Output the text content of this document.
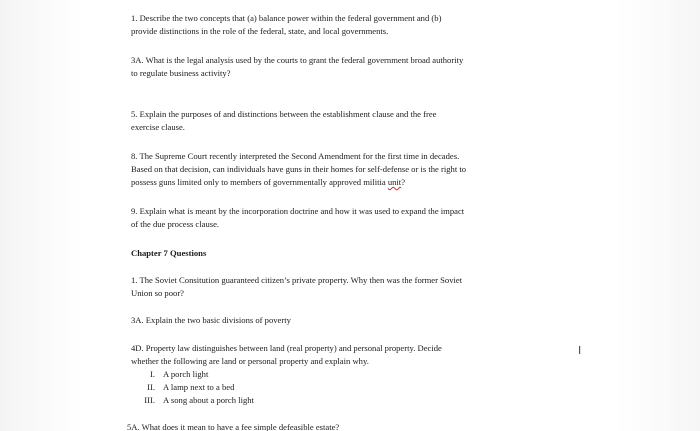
1. Describe the two concepts that (a) balance power within the federal government and (b)
provide distinctions in the role of the federal, state, and local governments.
3A. What is the legal analysis used by the courts to grant the federal government broad authority
to regulate business activity?
5. Explain the purposes of and distinctions between the establishment clause and the free
exercise clause.
8. The Supreme Court recently interpreted the Second Amendment for the first time in decades.
Based on that decision, can individuals have guns in their homes for self-defense or is the right to
possess guns limited only to members of governmentally approved militia unit?
9. Explain what is meant by the incorporation doctrine and how it was used to expand the impact
of the due process clause.
Chapter 7 Questions
1. The Soviet Consitution guaranteed citizen’s private property. Why then was the former Soviet
Union so poor?
3A. Explain the two basic divisions of poverty
4D. Property law distinguishes between land (real property) and personal property. Decide
whether the following are land or personal property and explain why.
I. A porch light
II. A lamp next to a bed
III. A song about a porch light
5A. What does it mean to have a fee simple defeasible estate?
I
